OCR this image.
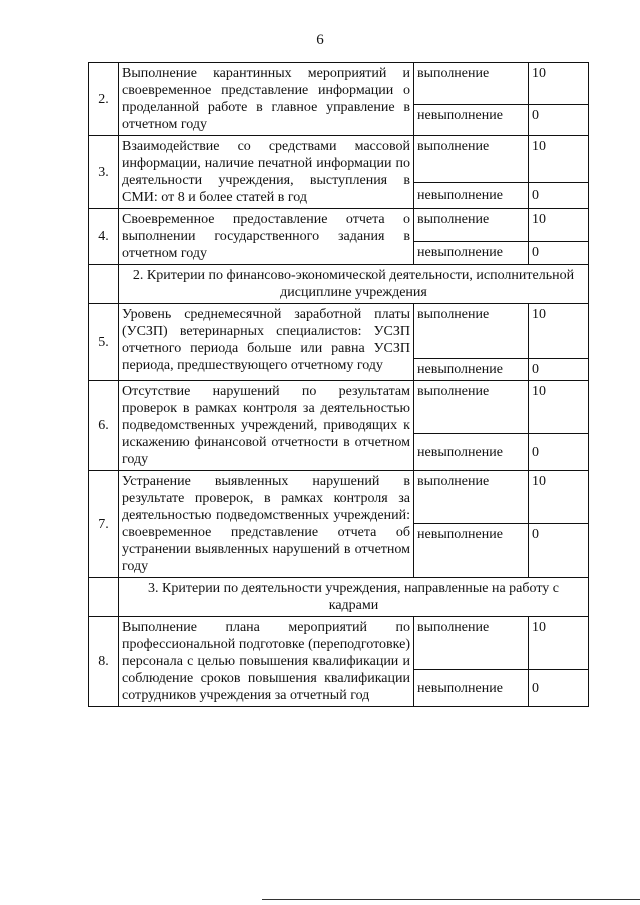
6
2.	Выполнение карантинных мероприятий и своевременное представление информации о проделанной работе в главное управление в отчетном году	выполнение	10
		невыполнение	0
3.	Взаимодействие со средствами массовой информации, наличие печатной информации по деятельности учреждения, выступления в СМИ: от 8 и более статей в год	выполнение	10
		невыполнение	0
4.	Своевременное предоставление отчета о выполнении государственного задания в отчетном году	выполнение	10
		невыполнение	0
	2. Критерии по финансово-экономической деятельности, исполнительной дисциплине учреждения		
5.	Уровень среднемесячной заработной платы (УСЗП) ветеринарных специалистов: УСЗП отчетного периода больше или равна УСЗП периода, предшествующего отчетному году	выполнение	10
		невыполнение	0
6.	Отсутствие нарушений по результатам проверок в рамках контроля за деятельностью подведомственных учреждений, приводящих к искажению финансовой отчетности в отчетном году	выполнение	10
		невыполнение	0
7.	Устранение выявленных нарушений в результате проверок, в рамках контроля за деятельностью подведомственных учреждений: своевременное представление отчета об устранении выявленных нарушений в отчетном году	выполнение	10
		невыполнение	0
	3. Критерии по деятельности учреждения, направленные на работу с кадрами		
8.	Выполнение плана мероприятий по профессиональной подготовке (переподготовке) персонала с целью повышения квалификации и соблюдение сроков повышения квалификации сотрудников учреждения за отчетный год	выполнение	10
		невыполнение	0
